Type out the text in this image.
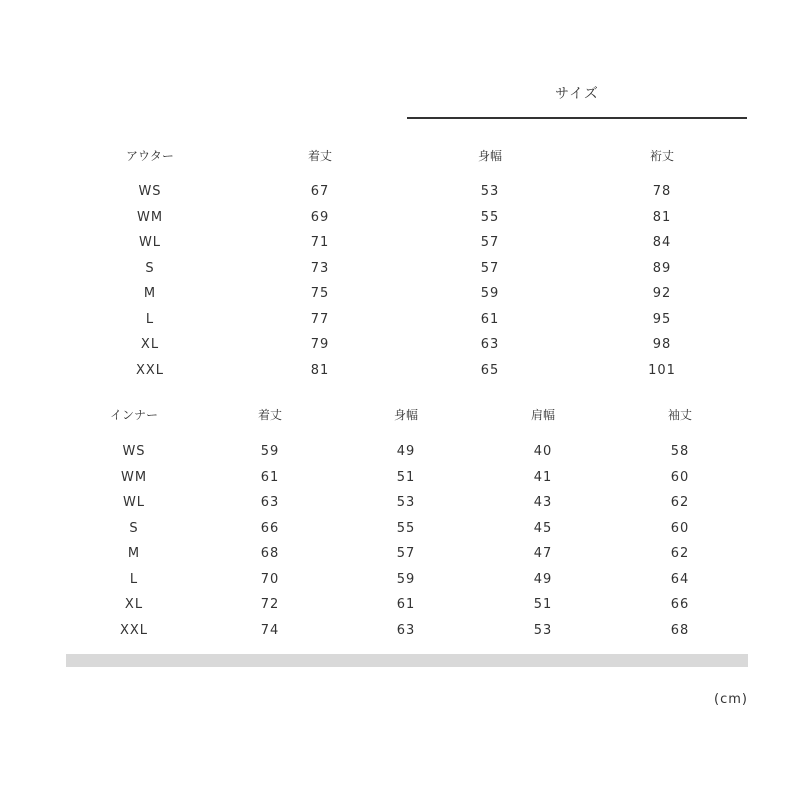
サイズ
アウター	着丈	身幅	裄丈
WS	67	53	78
WM	69	55	81
WL	71	57	84
S	73	57	89
M	75	59	92
L	77	61	95
XL	79	63	98
XXL	81	65	101
インナー	着丈	身幅	肩幅	袖丈
WS	59	49	40	58
WM	61	51	41	60
WL	63	53	43	62
S	66	55	45	60
M	68	57	47	62
L	70	59	49	64
XL	72	61	51	66
XXL	74	63	53	68
(cm)
